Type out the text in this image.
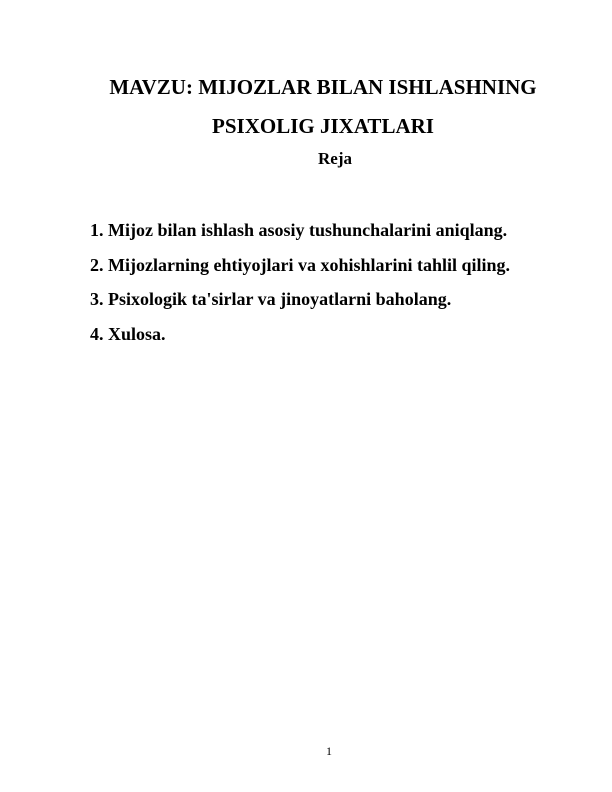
MAVZU: MIJOZLAR BILAN ISHLASHNING
PSIXOLIG JIXATLARI
Reja
1. Mijoz bilan ishlash asosiy tushunchalarini aniqlang.
2. Mijozlarning ehtiyojlari va xohishlarini tahlil qiling.
3. Psixologik ta'sirlar va jinoyatlarni baholang.
4. Xulosa.
1
